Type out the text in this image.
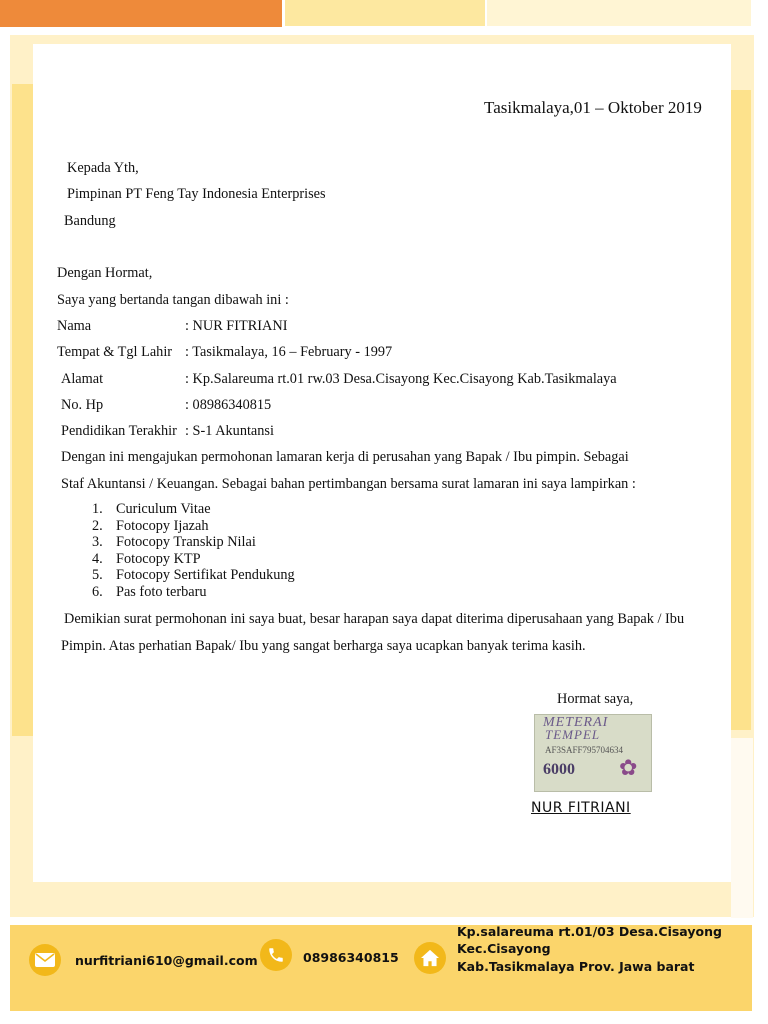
Tasikmalaya,01 – Oktober 2019
Kepada Yth,
Pimpinan PT Feng Tay Indonesia Enterprises
Bandung
Dengan Hormat,
Saya yang bertanda tangan dibawah ini :
Nama	: NUR FITRIANI
Tempat & Tgl Lahir : Tasikmalaya, 16 – February - 1997
Alamat	: Kp.Salareuma rt.01 rw.03 Desa.Cisayong Kec.Cisayong Kab.Tasikmalaya
No. Hp	: 08986340815
Pendidikan Terakhir : S-1 Akuntansi
Dengan ini mengajukan permohonan lamaran kerja di perusahan yang Bapak / Ibu pimpin. Sebagai
Staf Akuntansi / Keuangan. Sebagai bahan pertimbangan bersama surat lamaran ini saya lampirkan :
1. Curiculum Vitae
2. Fotocopy Ijazah
3. Fotocopy Transkip Nilai
4. Fotocopy KTP
5. Fotocopy Sertifikat Pendukung
6. Pas foto terbaru
Demikian surat permohonan ini saya buat, besar harapan saya dapat diterima diperusahaan yang Bapak / Ibu
Pimpin. Atas perhatian Bapak/ Ibu yang sangat berharga saya ucapkan banyak terima kasih.
Hormat saya,
METERAI
TEMPEL
AF3SAFF795704634
6000 ✿
NUR FITRIANI
nurfitriani610@gmail.com	08986340815
Kp.salareuma rt.01/03 Desa.Cisayong
Kec.Cisayong
Kab.Tasikmalaya Prov. Jawa barat
